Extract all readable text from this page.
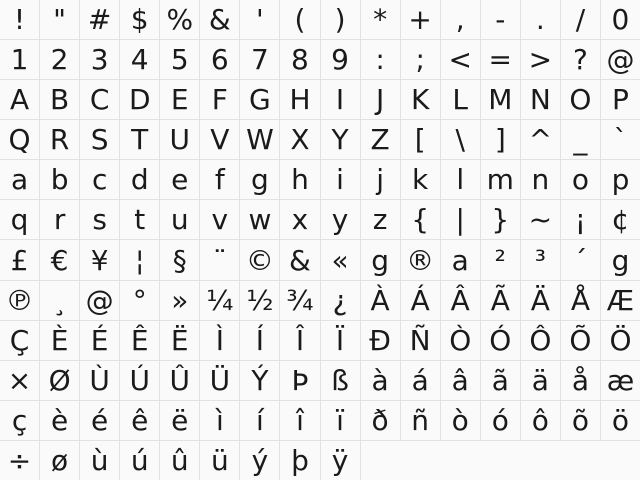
!	" # $ % & '	(	) * + ,	-	.	/ 0
1 2 3 4 5 6 7 8 9 :	; < = > ? @
A B C D E F G H I	J K L M N O P
Q R S T U V W X Y Z [	\	] ^ _ `
a b c d e f g h i	j	k	l m n o p
q r s t u v w x y z { | } ~ ¡ ¢
£ € ¥ ¦	§ ¨ © & « g ® a ²	³ ´ g
℗ ¸ @ ° » ¼ ½ ¾ ¿ À Á Â Ã Ä Å Æ
Ç È É Ê Ë Ì	Í	Î	Ï Ð Ñ Ò Ó Ô Õ Ö
× Ø Ù Ú Û Ü Ý Þ ß à á â ã ä å æ
ç è é ê ë ì	í	î	ï ð ñ ò ó ô õ ö
÷ ø ù ú û ü ý þ ÿ
